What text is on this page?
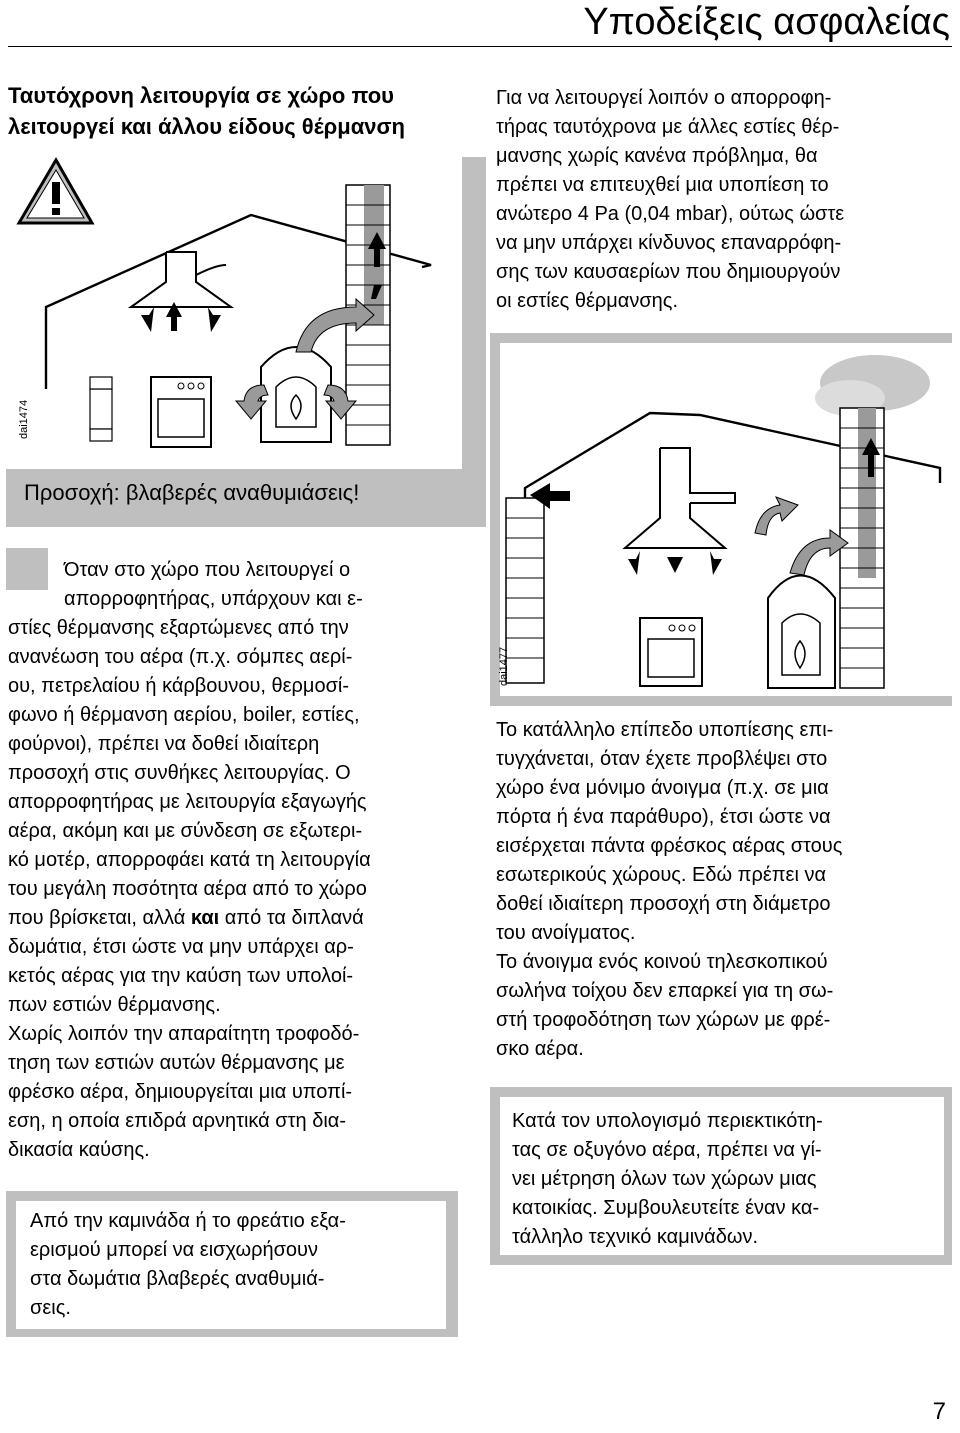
Υποδείξεις ασφαλείας
Ταυτόχρονη λειτουργία σε χώρο που λειτουργεί και άλλου είδους θέρμανση
dai1474
Προσοχή: βλαβερές αναθυμιάσεις!
Όταν στο χώρο που λειτουργεί ο
απορροφητήρας, υπάρχουν και ε-
στίες θέρμανσης εξαρτώμενες από την
ανανέωση του αέρα (π.χ. σόμπες αερί-
ου, πετρελαίου ή κάρβουνου, θερμοσί-
φωνο ή θέρμανση αερίου, boiler, εστίες,
φούρνοι), πρέπει να δοθεί ιδιαίτερη
προσοχή στις συνθήκες λειτουργίας. Ο
απορροφητήρας με λειτουργία εξαγωγής
αέρα, ακόμη και με σύνδεση σε εξωτερι-
κό μοτέρ, απορροφάει κατά τη λειτουργία
του μεγάλη ποσότητα αέρα από το χώρο
που βρίσκεται, αλλά και από τα διπλανά
δωμάτια, έτσι ώστε να μην υπάρχει αρ-
κετός αέρας για την καύση των υπολοί-
πων εστιών θέρμανσης.
Χωρίς λοιπόν την απαραίτητη τροφοδό-
τηση των εστιών αυτών θέρμανσης με
φρέσκο αέρα, δημιουργείται μια υποπί-
εση, η οποία επιδρά αρνητικά στη δια-
δικασία καύσης.
Από την καμινάδα ή το φρεάτιο εξα-
ερισμού μπορεί να εισχωρήσουν
στα δωμάτια βλαβερές αναθυμιά-
σεις.
Για να λειτουργεί λοιπόν ο απορροφη-
τήρας ταυτόχρονα με άλλες εστίες θέρ-
μανσης χωρίς κανένα πρόβλημα, θα
πρέπει να επιτευχθεί μια υποπίεση το
ανώτερο 4 Pa (0,04 mbar), ούτως ώστε
να μην υπάρχει κίνδυνος επαναρρόφη-
σης των καυσαερίων που δημιουργούν
οι εστίες θέρμανσης.
dai1477
Το κατάλληλο επίπεδο υποπίεσης επι-
τυγχάνεται, όταν έχετε προβλέψει στο
χώρο ένα μόνιμο άνοιγμα (π.χ. σε μια
πόρτα ή ένα παράθυρο), έτσι ώστε να
εισέρχεται πάντα φρέσκος αέρας στους
εσωτερικούς χώρους. Εδώ πρέπει να
δοθεί ιδιαίτερη προσοχή στη διάμετρο
του ανοίγματος.
Το άνοιγμα ενός κοινού τηλεσκοπικού
σωλήνα τοίχου δεν επαρκεί για τη σω-
στή τροφοδότηση των χώρων με φρέ-
σκο αέρα.
Κατά τον υπολογισμό περιεκτικότη-
τας σε οξυγόνο αέρα, πρέπει να γί-
νει μέτρηση όλων των χώρων μιας
κατοικίας. Συμβουλευτείτε έναν κα-
τάλληλο τεχνικό καμινάδων.
7
